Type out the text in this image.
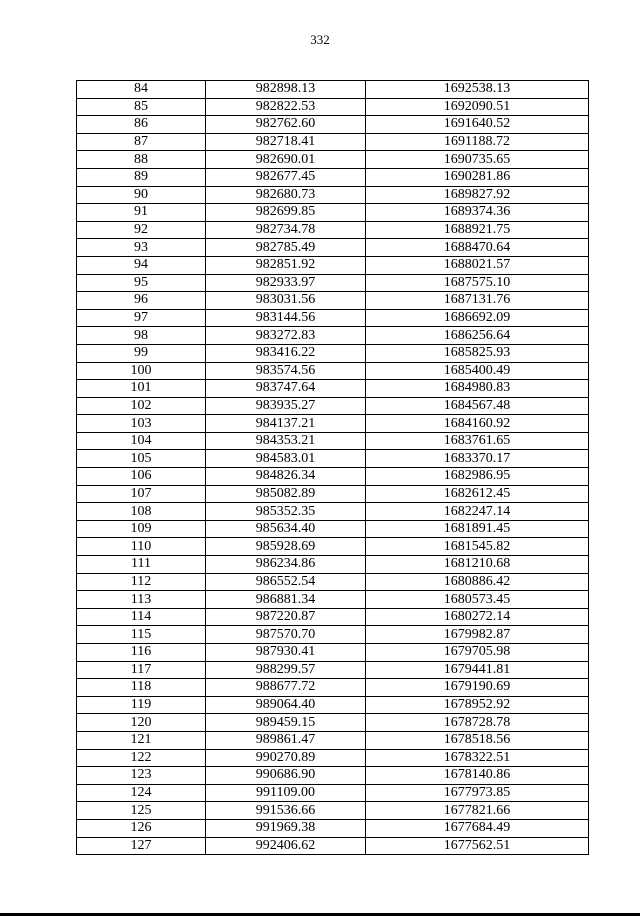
332
84	982898.13	1692538.13
85	982822.53	1692090.51
86	982762.60	1691640.52
87	982718.41	1691188.72
88	982690.01	1690735.65
89	982677.45	1690281.86
90	982680.73	1689827.92
91	982699.85	1689374.36
92	982734.78	1688921.75
93	982785.49	1688470.64
94	982851.92	1688021.57
95	982933.97	1687575.10
96	983031.56	1687131.76
97	983144.56	1686692.09
98	983272.83	1686256.64
99	983416.22	1685825.93
100	983574.56	1685400.49
101	983747.64	1684980.83
102	983935.27	1684567.48
103	984137.21	1684160.92
104	984353.21	1683761.65
105	984583.01	1683370.17
106	984826.34	1682986.95
107	985082.89	1682612.45
108	985352.35	1682247.14
109	985634.40	1681891.45
110	985928.69	1681545.82
111	986234.86	1681210.68
112	986552.54	1680886.42
113	986881.34	1680573.45
114	987220.87	1680272.14
115	987570.70	1679982.87
116	987930.41	1679705.98
117	988299.57	1679441.81
118	988677.72	1679190.69
119	989064.40	1678952.92
120	989459.15	1678728.78
121	989861.47	1678518.56
122	990270.89	1678322.51
123	990686.90	1678140.86
124	991109.00	1677973.85
125	991536.66	1677821.66
126	991969.38	1677684.49
127	992406.62	1677562.51
